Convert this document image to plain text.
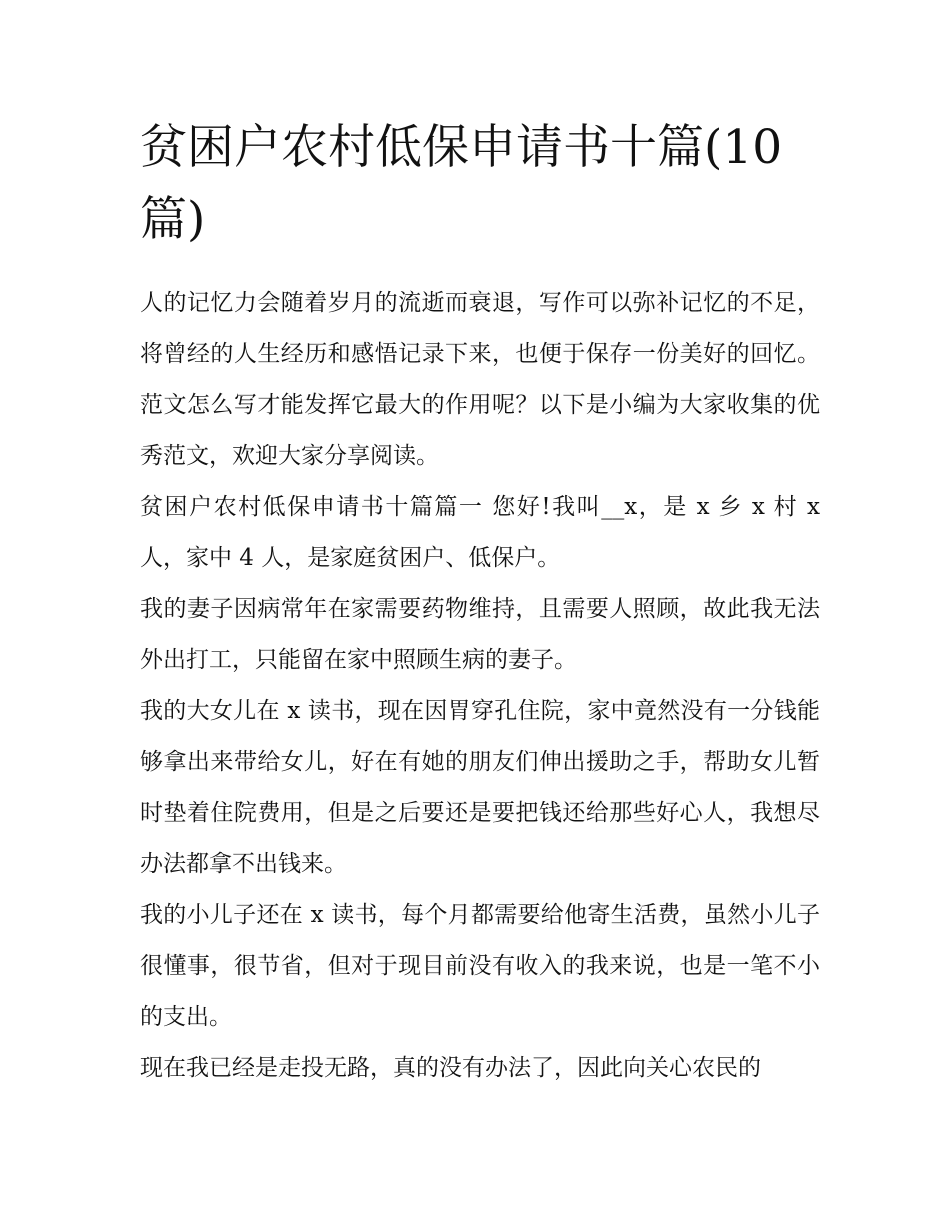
贫困户农村低保申请书十篇(10篇)

人的记忆力会随着岁月的流逝而衰退，写作可以弥补记忆的不足，将曾经的人生经历和感悟记录下来，也便于保存一份美好的回忆。范文怎么写才能发挥它最大的作用呢？以下是小编为大家收集的优秀范文，欢迎大家分享阅读。

贫困户农村低保申请书十篇篇一 您好!我叫__x，是 x 乡 x 村 x 人，家中 4 人，是家庭贫困户、低保户。

我的妻子因病常年在家需要药物维持，且需要人照顾，故此我无法外出打工，只能留在家中照顾生病的妻子。

我的大女儿在 x 读书，现在因胃穿孔住院，家中竟然没有一分钱能够拿出来带给女儿，好在有她的朋友们伸出援助之手，帮助女儿暂时垫着住院费用，但是之后要还是要把钱还给那些好心人，我想尽办法都拿不出钱来。

我的小儿子还在 x 读书，每个月都需要给他寄生活费，虽然小儿子很懂事，很节省，但对于现目前没有收入的我来说，也是一笔不小的支出。

现在我已经是走投无路，真的没有办法了，因此向关心农民的
